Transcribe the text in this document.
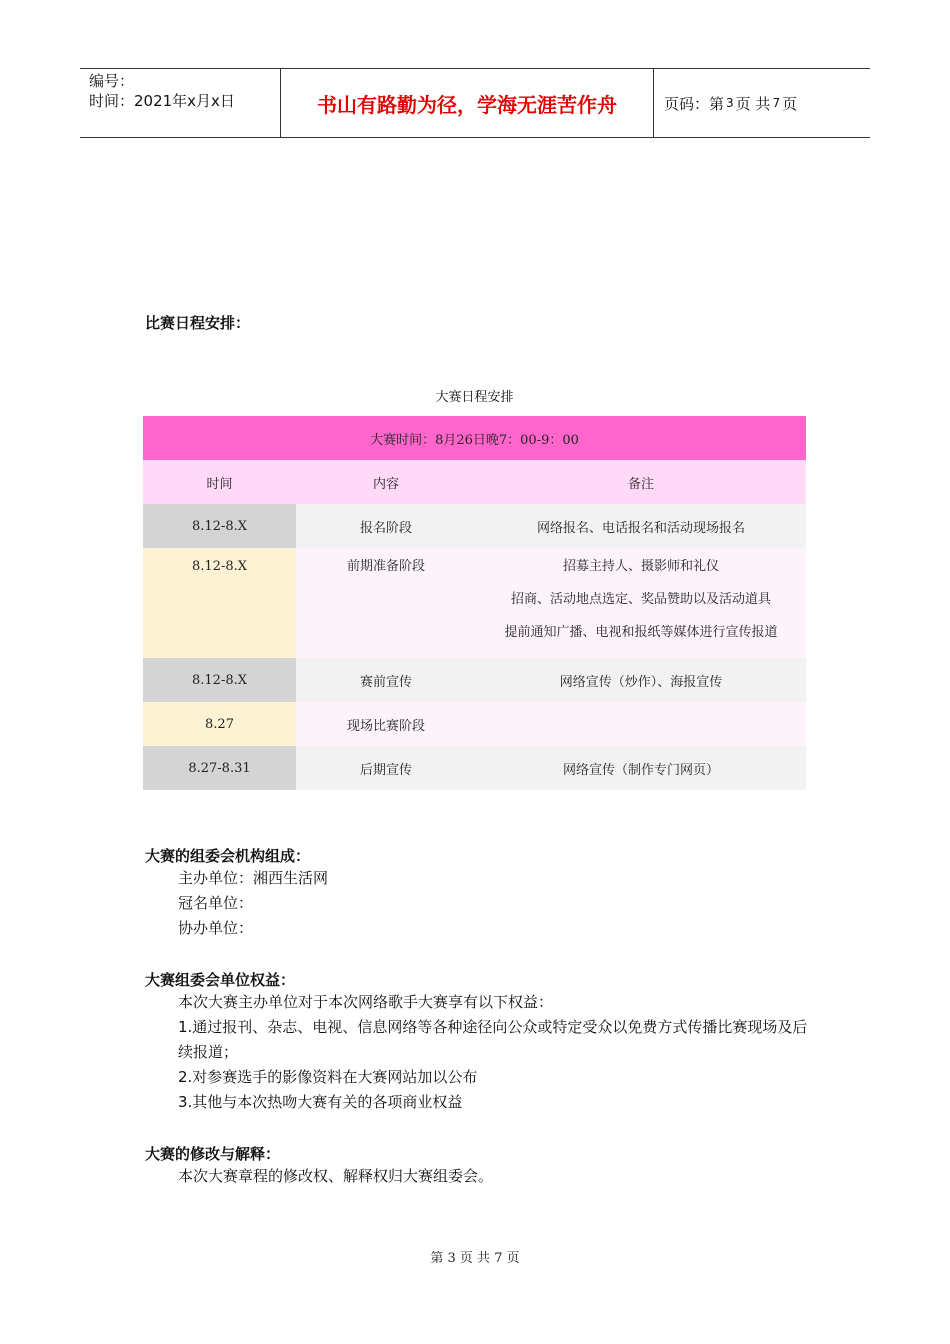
编号：
时间：2021年x月x日	书山有路勤为径，学海无涯苦作舟	页码：第 3 页 共 7 页
比赛日程安排：
大赛日程安排
大赛时间：8月26日晚7：00-9：00		
时间	内容	备注
8.12-8.X	报名阶段	网络报名、电话报名和活动现场报名

8.12-8.X	前期准备阶段	招募主持人、摄影师和礼仪
招商、活动地点选定、奖品赞助以及活动道具
提前通知广播、电视和报纸等媒体进行宣传报道

8.12-8.X	赛前宣传	网络宣传（炒作）、海报宣传
8.27	现场比赛阶段	
8.27-8.31	后期宣传	网络宣传（制作专门网页）
大赛的组委会机构组成：
主办单位：湘西生活网
冠名单位：
协办单位：
大赛组委会单位权益：
本次大赛主办单位对于本次网络歌手大赛享有以下权益：
1.通过报刊、杂志、电视、信息网络等各种途径向公众或特定受众以免费方式传播比赛现场及后续报道；
2.对参赛选手的影像资料在大赛网站加以公布
3.其他与本次热吻大赛有关的各项商业权益
大赛的修改与解释：
本次大赛章程的修改权、解释权归大赛组委会。
第 3 页 共 7 页
